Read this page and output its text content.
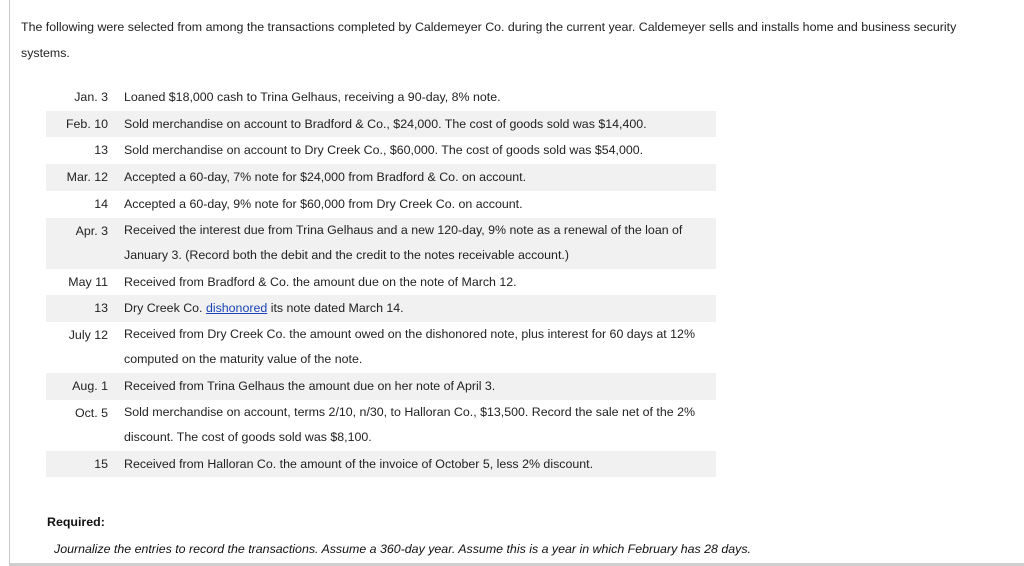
The following were selected from among the transactions completed by Caldemeyer Co. during the current year. Caldemeyer sells and installs home and business security systems.
Jan. 3	Loaned $18,000 cash to Trina Gelhaus, receiving a 90-day, 8% note.
Feb. 10	Sold merchandise on account to Bradford & Co., $24,000. The cost of goods sold was $14,400.
13	Sold merchandise on account to Dry Creek Co., $60,000. The cost of goods sold was $54,000.
Mar. 12	Accepted a 60-day, 7% note for $24,000 from Bradford & Co. on account.
14	Accepted a 60-day, 9% note for $60,000 from Dry Creek Co. on account.
Apr. 3	Received the interest due from Trina Gelhaus and a new 120-day, 9% note as a renewal of the loan of January 3. (Record both the debit and the credit to the notes receivable account.)
May 11	Received from Bradford & Co. the amount due on the note of March 12.
13	Dry Creek Co. dishonored its note dated March 14.
July 12	Received from Dry Creek Co. the amount owed on the dishonored note, plus interest for 60 days at 12% computed on the maturity value of the note.
Aug. 1	Received from Trina Gelhaus the amount due on her note of April 3.
Oct. 5	Sold merchandise on account, terms 2/10, n/30, to Halloran Co., $13,500. Record the sale net of the 2% discount. The cost of goods sold was $8,100.
15	Received from Halloran Co. the amount of the invoice of October 5, less 2% discount.
Required:
Journalize the entries to record the transactions. Assume a 360-day year. Assume this is a year in which February has 28 days.
